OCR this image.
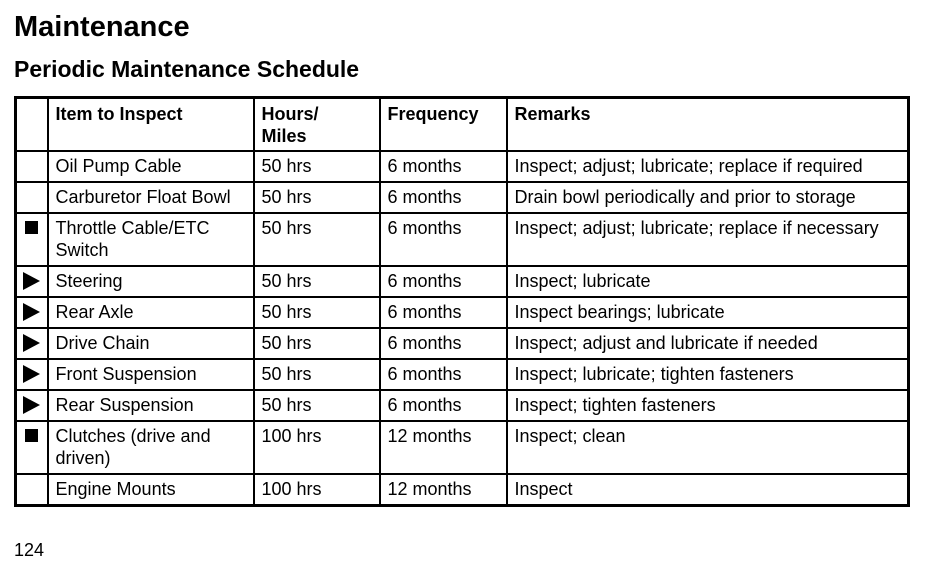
Maintenance
Periodic Maintenance Schedule
	Item to Inspect	Hours/ Miles	Frequency	Remarks
	Oil Pump Cable	50 hrs	6 months	Inspect; adjust; lubricate; replace if required
	Carburetor Float Bowl	50 hrs	6 months	Drain bowl periodically and prior to storage
	Throttle Cable/ETC Switch	50 hrs	6 months	Inspect; adjust; lubricate; replace if necessary
	Steering	50 hrs	6 months	Inspect; lubricate
	Rear Axle	50 hrs	6 months	Inspect bearings; lubricate
	Drive Chain	50 hrs	6 months	Inspect; adjust and lubricate if needed
	Front Suspension	50 hrs	6 months	Inspect; lubricate; tighten fasteners
	Rear Suspension	50 hrs	6 months	Inspect; tighten fasteners
	Clutches (drive and driven)	100 hrs	12 months	Inspect; clean
	Engine Mounts	100 hrs	12 months	Inspect
124
